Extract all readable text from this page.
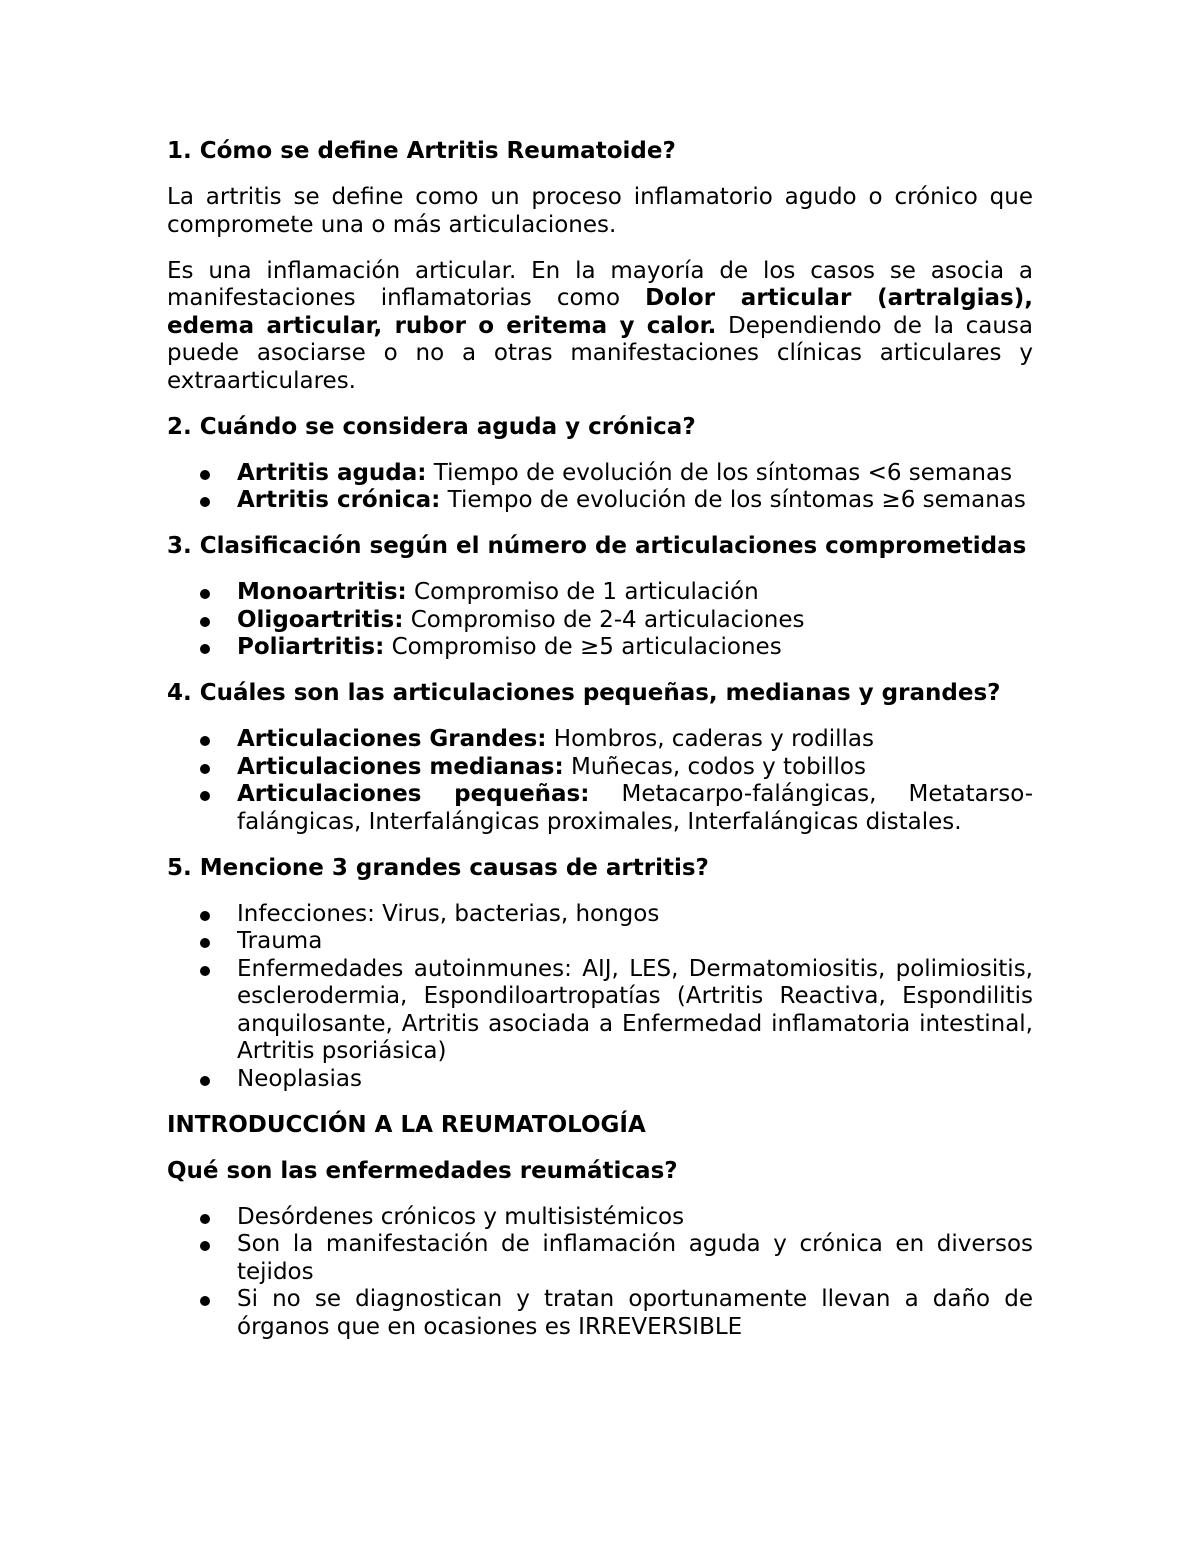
1. Cómo se define Artritis Reumatoide?

La artritis se define como un proceso inflamatorio agudo o crónico que compromete una o más articulaciones.

Es una inflamación articular. En la mayoría de los casos se asocia a manifestaciones inflamatorias como Dolor articular (artralgias), edema articular, rubor o eritema y calor. Dependiendo de la causa puede asociarse o no a otras manifestaciones clínicas articulares y extraarticulares.

2. Cuándo se considera aguda y crónica?
Artritis aguda: Tiempo de evolución de los síntomas <6 semanas
Artritis crónica: Tiempo de evolución de los síntomas ≥6 semanas
3. Clasificación según el número de articulaciones comprometidas
Monoartritis: Compromiso de 1 articulación
Oligoartritis: Compromiso de 2-4 articulaciones
Poliartritis: Compromiso de ≥5 articulaciones
4. Cuáles son las articulaciones pequeñas, medianas y grandes?
Articulaciones Grandes: Hombros, caderas y rodillas
Articulaciones medianas: Muñecas, codos y tobillos
Articulaciones pequeñas: Metacarpo-falángicas, Metatarso-falángicas, Interfalángicas proximales, Interfalángicas distales.
5. Mencione 3 grandes causas de artritis?
Infecciones: Virus, bacterias, hongos
Trauma
Enfermedades autoinmunes: AIJ, LES, Dermatomiositis, polimiositis, esclerodermia, Espondiloartropatías (Artritis Reactiva, Espondilitis anquilosante, Artritis asociada a Enfermedad inflamatoria intestinal, Artritis psoriásica)
Neoplasias
INTRODUCCIÓN A LA REUMATOLOGÍA
Qué son las enfermedades reumáticas?
Desórdenes crónicos y multisistémicos
Son la manifestación de inflamación aguda y crónica en diversos tejidos
Si no se diagnostican y tratan oportunamente llevan a daño de órganos que en ocasiones es IRREVERSIBLE
